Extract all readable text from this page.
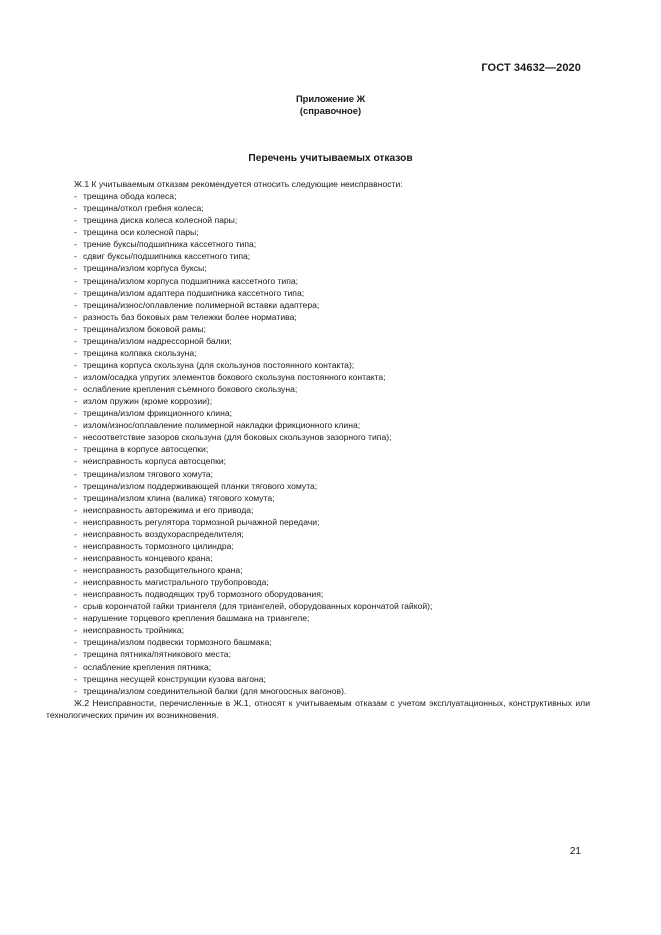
ГОСТ 34632—2020
Приложение Ж
(справочное)
Перечень учитываемых отказов

Ж.1 К учитываемым отказам рекомендуется относить следующие неисправности:

- трещина обода колеса;
- трещина/откол гребня колеса;
- трещина диска колеса колесной пары;
- трещина оси колесной пары;
- трение буксы/подшипника кассетного типа;
- сдвиг буксы/подшипника кассетного типа;
- трещина/излом корпуса буксы;
- трещина/излом корпуса подшипника кассетного типа;
- трещина/излом адаптера подшипника кассетного типа;
- трещина/износ/оплавление полимерной вставки адаптера;
- разность баз боковых рам тележки более норматива;
- трещина/излом боковой рамы;
- трещина/излом надрессорной балки;
- трещина колпака скользуна;
- трещина корпуса скользуна (для скользунов постоянного контакта);
- излом/осадка упругих элементов бокового скользуна постоянного контакта;
- ослабление крепления съемного бокового скользуна;
- излом пружин (кроме коррозии);
- трещина/излом фрикционного клина;
- излом/износ/оплавление полимерной накладки фрикционного клина;
- несоответствие зазоров скользуна (для боковых скользунов зазорного типа);
- трещина в корпусе автосцепки;
- неисправность корпуса автосцепки;
- трещина/излом тягового хомута;
- трещина/излом поддерживающей планки тягового хомута;
- трещина/излом клина (валика) тягового хомута;
- неисправность авторежима и его привода;
- неисправность регулятора тормозной рычажной передачи;
- неисправность воздухораспределителя;
- неисправность тормозного цилиндра;
- неисправность концевого крана;
- неисправность разобщительного крана;
- неисправность магистрального трубопровода;
- неисправность подводящих труб тормозного оборудования;
- срыв корончатой гайки триангеля (для триангелей, оборудованных корончатой гайкой);
- нарушение торцевого крепления башмака на триангеле;
- неисправность тройника;
- трещина/излом подвески тормозного башмака;
- трещина пятника/пятникового места;
- ослабление крепления пятника;
- трещина несущей конструкции кузова вагона;
- трещина/излом соединительной балки (для многоосных вагонов).

Ж.2 Неисправности, перечисленные в Ж.1, относят к учитываемым отказам с учетом эксплуатационных, конструктивных или технологических причин их возникновения.

21
